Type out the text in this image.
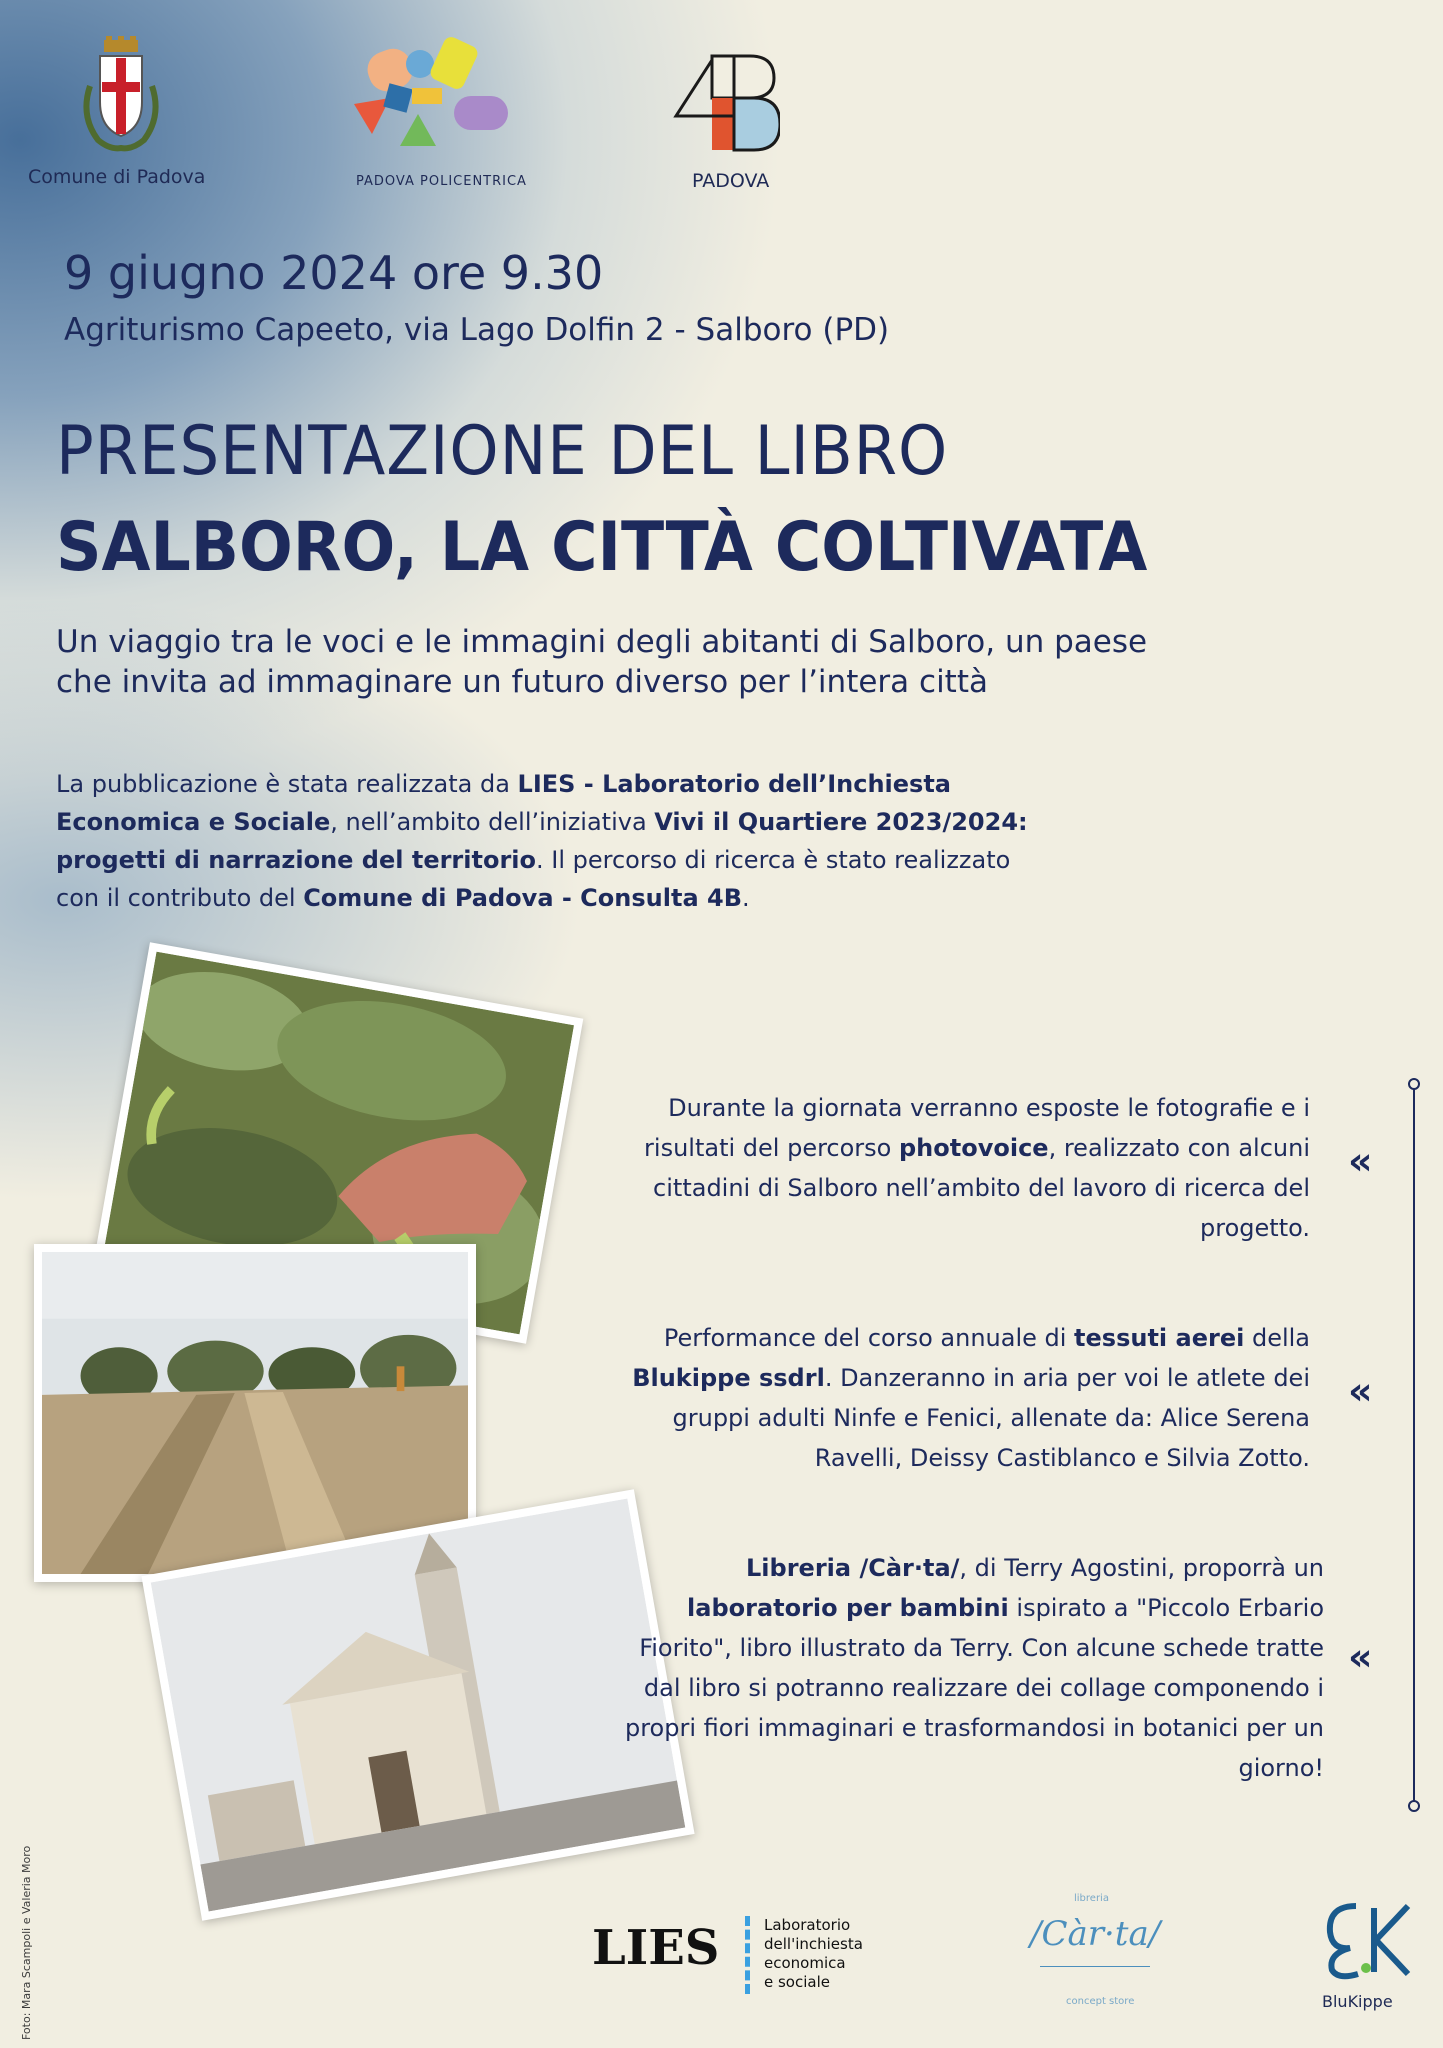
Comune di Padova	PADOVA POLICENTRICA	PADOVA
9 giugno 2024 ore 9.30
Agriturismo Capeeto, via Lago Dolfin 2 - Salboro (PD)
PRESENTAZIONE DEL LIBRO
SALBORO, LA CITTÀ COLTIVATA
Un viaggio tra le voci e le immagini degli abitanti di Salboro, un paese che invita ad immaginare un futuro diverso per l’intera città
La pubblicazione è stata realizzata da LIES - Laboratorio dell’Inchiesta Economica e Sociale, nell’ambito dell’iniziativa Vivi il Quartiere 2023/2024: progetti di narrazione del territorio. Il percorso di ricerca è stato realizzato con il contributo del Comune di Padova - Consulta 4B.
Durante la giornata verranno esposte le fotografie e i risultati del percorso photovoice, realizzato con alcuni cittadini di Salboro nell’ambito del lavoro di ricerca del progetto.
«
Performance del corso annuale di tessuti aerei della Blukippe ssdrl. Danzeranno in aria per voi le atlete dei gruppi adulti Ninfe e Fenici, allenate da: Alice Serena Ravelli, Deissy Castiblanco e Silvia Zotto.
«
Libreria /Càr·ta/, di Terry Agostini, proporrà un laboratorio per bambini ispirato a "Piccolo Erbario Fiorito", libro illustrato da Terry. Con alcune schede tratte dal libro si potranno realizzare dei collage componendo i propri fiori immaginari e trasformandosi in botanici per un giorno!
«
LIES	Laboratorio
dell'inchiesta
economica
e sociale
libreria
/Càr·ta/
concept store	BluKippe
Foto: Mara Scampoli e Valeria Moro
